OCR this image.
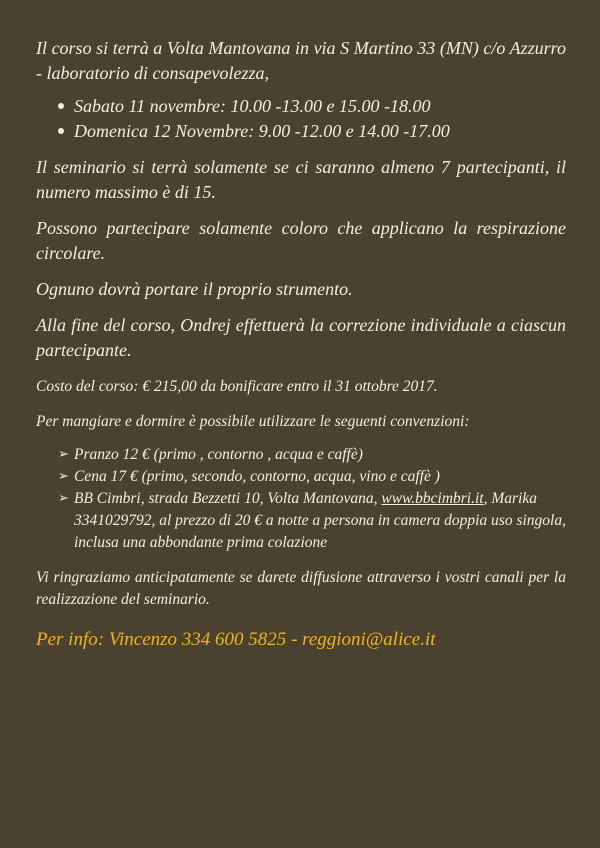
Il corso si terrà a Volta Mantovana in via S Martino 33 (MN) c/o Azzurro - laboratorio di consapevolezza,

Sabato 11 novembre: 10.00 -13.00 e 15.00 -18.00
Domenica 12 Novembre: 9.00 -12.00 e 14.00 -17.00

Il seminario si terrà solamente se ci saranno almeno 7 partecipanti, il numero massimo è di 15.

Possono partecipare solamente coloro che applicano la respirazione circolare.

Ognuno dovrà portare il proprio strumento.

Alla fine del corso, Ondrej effettuerà la correzione individuale a ciascun partecipante.

Costo del corso: € 215,00 da bonificare entro il 31 ottobre 2017.

Per mangiare e dormire è possibile utilizzare le seguenti convenzioni:

➢ Pranzo 12 € (primo , contorno , acqua e caffè)
➢ Cena 17 € (primo, secondo, contorno, acqua, vino e caffè )
➢ BB Cimbri, strada Bezzetti 10, Volta Mantovana, www.bbcimbri.it, Marika 3341029792, al prezzo di 20 € a notte a persona in camera doppia uso singola, inclusa una abbondante prima colazione

Vi ringraziamo anticipatamente se darete diffusione attraverso i vostri canali per la realizzazione del seminario.

Per info: Vincenzo 334 600 5825 - reggioni@alice.it
